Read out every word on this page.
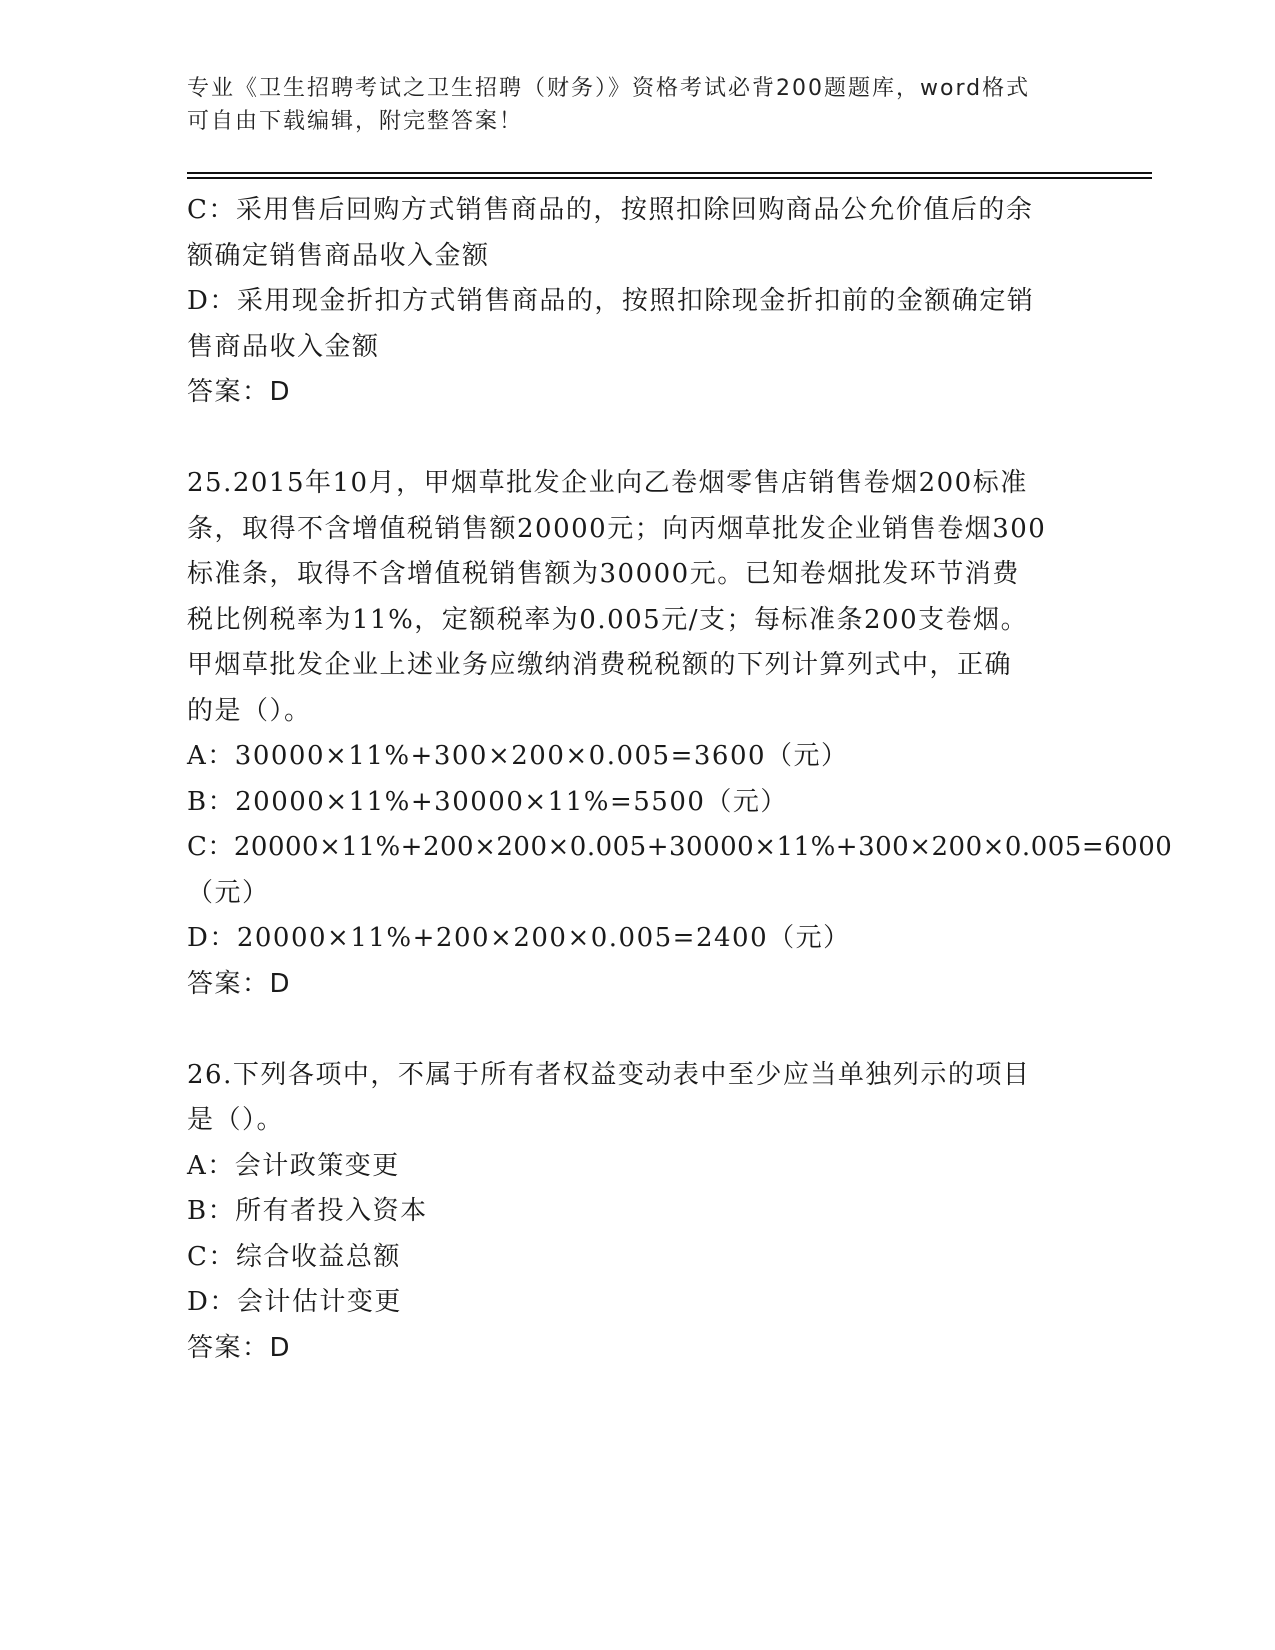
专业《卫生招聘考试之卫生招聘（财务）》资格考试必背200题题库，word格式
可自由下载编辑，附完整答案！
C：采用售后回购方式销售商品的，按照扣除回购商品公允价值后的余
额确定销售商品收入金额
D：采用现金折扣方式销售商品的，按照扣除现金折扣前的金额确定销
售商品收入金额
答案：D
25.2015年10月，甲烟草批发企业向乙卷烟零售店销售卷烟200标准
条，取得不含增值税销售额20000元；向丙烟草批发企业销售卷烟300
标准条，取得不含增值税销售额为30000元。已知卷烟批发环节消费
税比例税率为11%，定额税率为0.005元/支；每标准条200支卷烟。
甲烟草批发企业上述业务应缴纳消费税税额的下列计算列式中，正确
的是（）。
A：30000×11%+300×200×0.005=3600（元）
B：20000×11%+30000×11%=5500（元）
C：20000×11%+200×200×0.005+30000×11%+300×200×0.005=6000
（元）
D：20000×11%+200×200×0.005=2400（元）
答案：D
26.下列各项中，不属于所有者权益变动表中至少应当单独列示的项目
是（）。
A：会计政策变更
B：所有者投入资本
C：综合收益总额
D：会计估计变更
答案：D
